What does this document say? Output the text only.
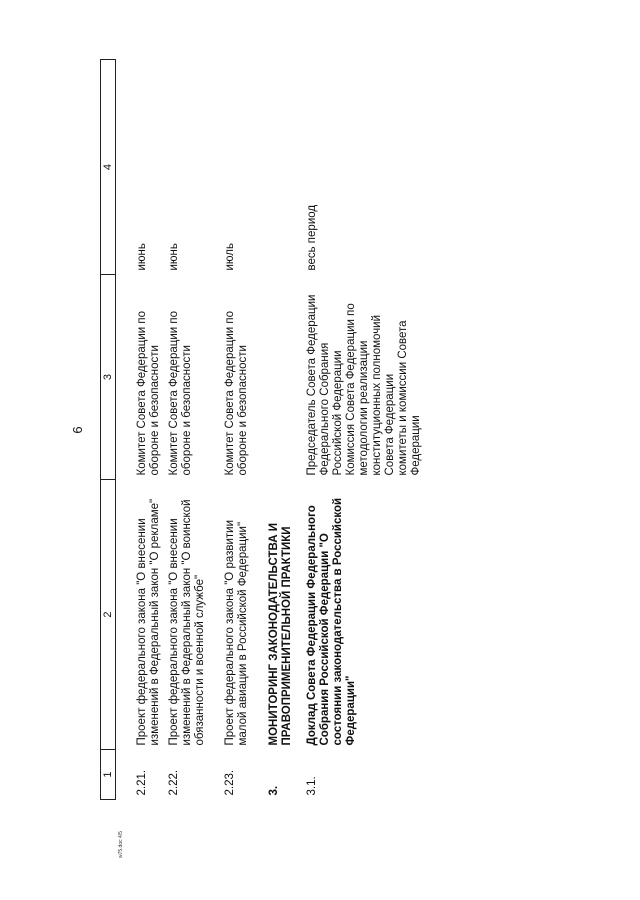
6
1	2	3	4
2.21.	Проект федерального закона "О внесении изменений в Федеральный закон "О рекламе"	Комитет Совета Федерации по обороне и безопасности	июнь
2.22.	Проект федерального закона "О внесении изменений в Федеральный закон "О воинской обязанности и военной службе"	Комитет Совета Федерации по обороне и безопасности	июнь
2.23.	Проект федерального закона "О развитии малой авиации в Российской Федерации"	Комитет Совета Федерации по обороне и безопасности	июль
3.	МОНИТОРИНГ ЗАКОНОДАТЕЛЬСТВА И ПРАВОПРИМЕНИТЕЛЬНОЙ ПРАКТИКИ		
3.1.	Доклад Совета Федерации Федерального Собрания Российской Федерации "О состоянии законодательства в Российской Федерации"	Председатель Совета Федерации Федерального Собрания Российской Федерации Комиссия Совета Федерации по методологии реализации конституционных полномочий Совета Федерации комитеты и комиссии Совета Федерации	весь период
w75.doc 4/5
